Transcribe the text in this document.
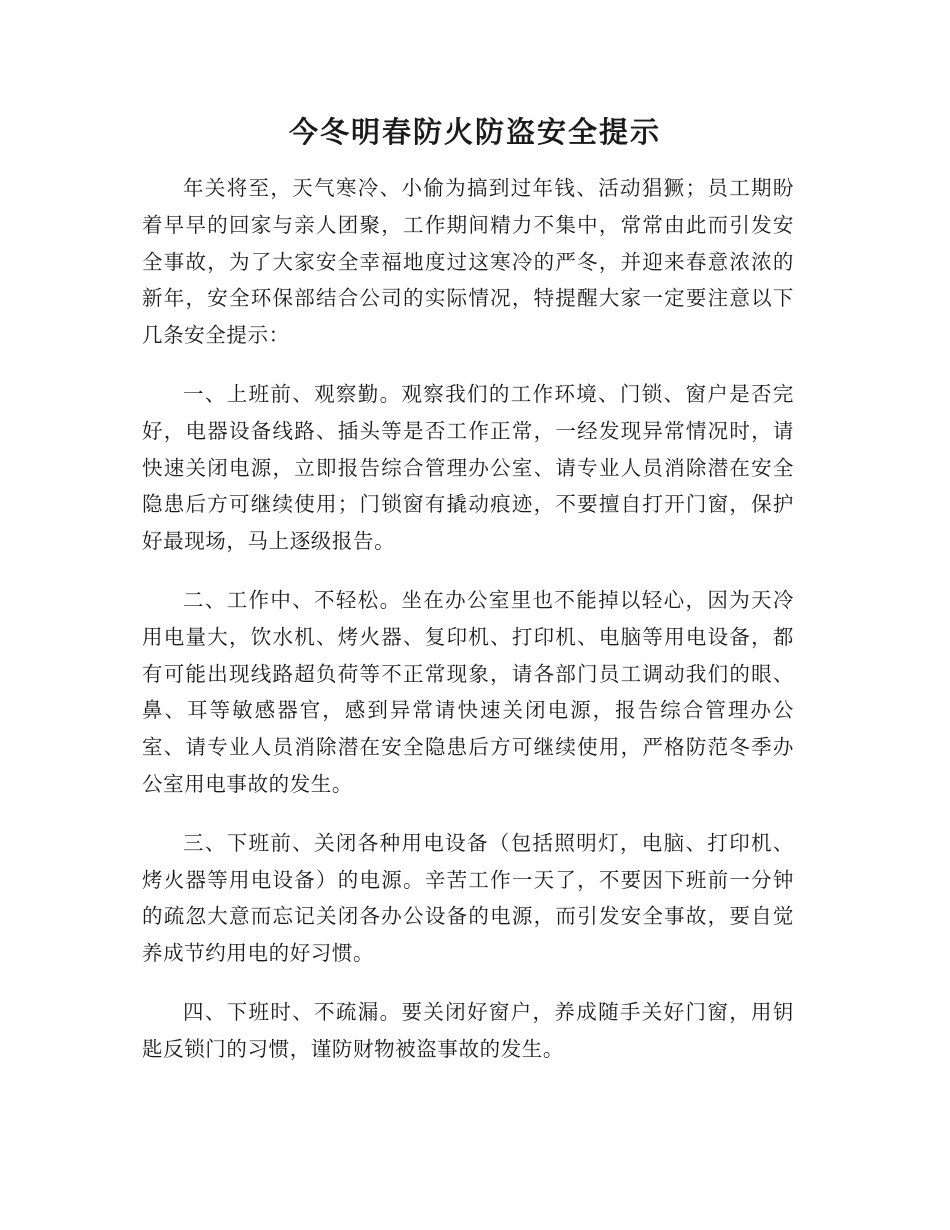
今冬明春防火防盗安全提示

年关将至，天气寒冷、小偷为搞到过年钱、活动猖獗；员工期盼着早早的回家与亲人团聚，工作期间精力不集中，常常由此而引发安全事故，为了大家安全幸福地度过这寒冷的严冬，并迎来春意浓浓的新年，安全环保部结合公司的实际情况，特提醒大家一定要注意以下几条安全提示：

一、上班前、观察勤。观察我们的工作环境、门锁、窗户是否完好，电器设备线路、插头等是否工作正常，一经发现异常情况时，请快速关闭电源，立即报告综合管理办公室、请专业人员消除潜在安全隐患后方可继续使用；门锁窗有撬动痕迹，不要擅自打开门窗，保护好最现场，马上逐级报告。

二、工作中、不轻松。坐在办公室里也不能掉以轻心，因为天冷用电量大，饮水机、烤火器、复印机、打印机、电脑等用电设备，都有可能出现线路超负荷等不正常现象，请各部门员工调动我们的眼、鼻、耳等敏感器官，感到异常请快速关闭电源，报告综合管理办公室、请专业人员消除潜在安全隐患后方可继续使用，严格防范冬季办公室用电事故的发生。

三、下班前、关闭各种用电设备（包括照明灯，电脑、打印机、烤火器等用电设备）的电源。辛苦工作一天了，不要因下班前一分钟的疏忽大意而忘记关闭各办公设备的电源，而引发安全事故，要自觉养成节约用电的好习惯。

四、下班时、不疏漏。要关闭好窗户，养成随手关好门窗，用钥匙反锁门的习惯，谨防财物被盗事故的发生。
